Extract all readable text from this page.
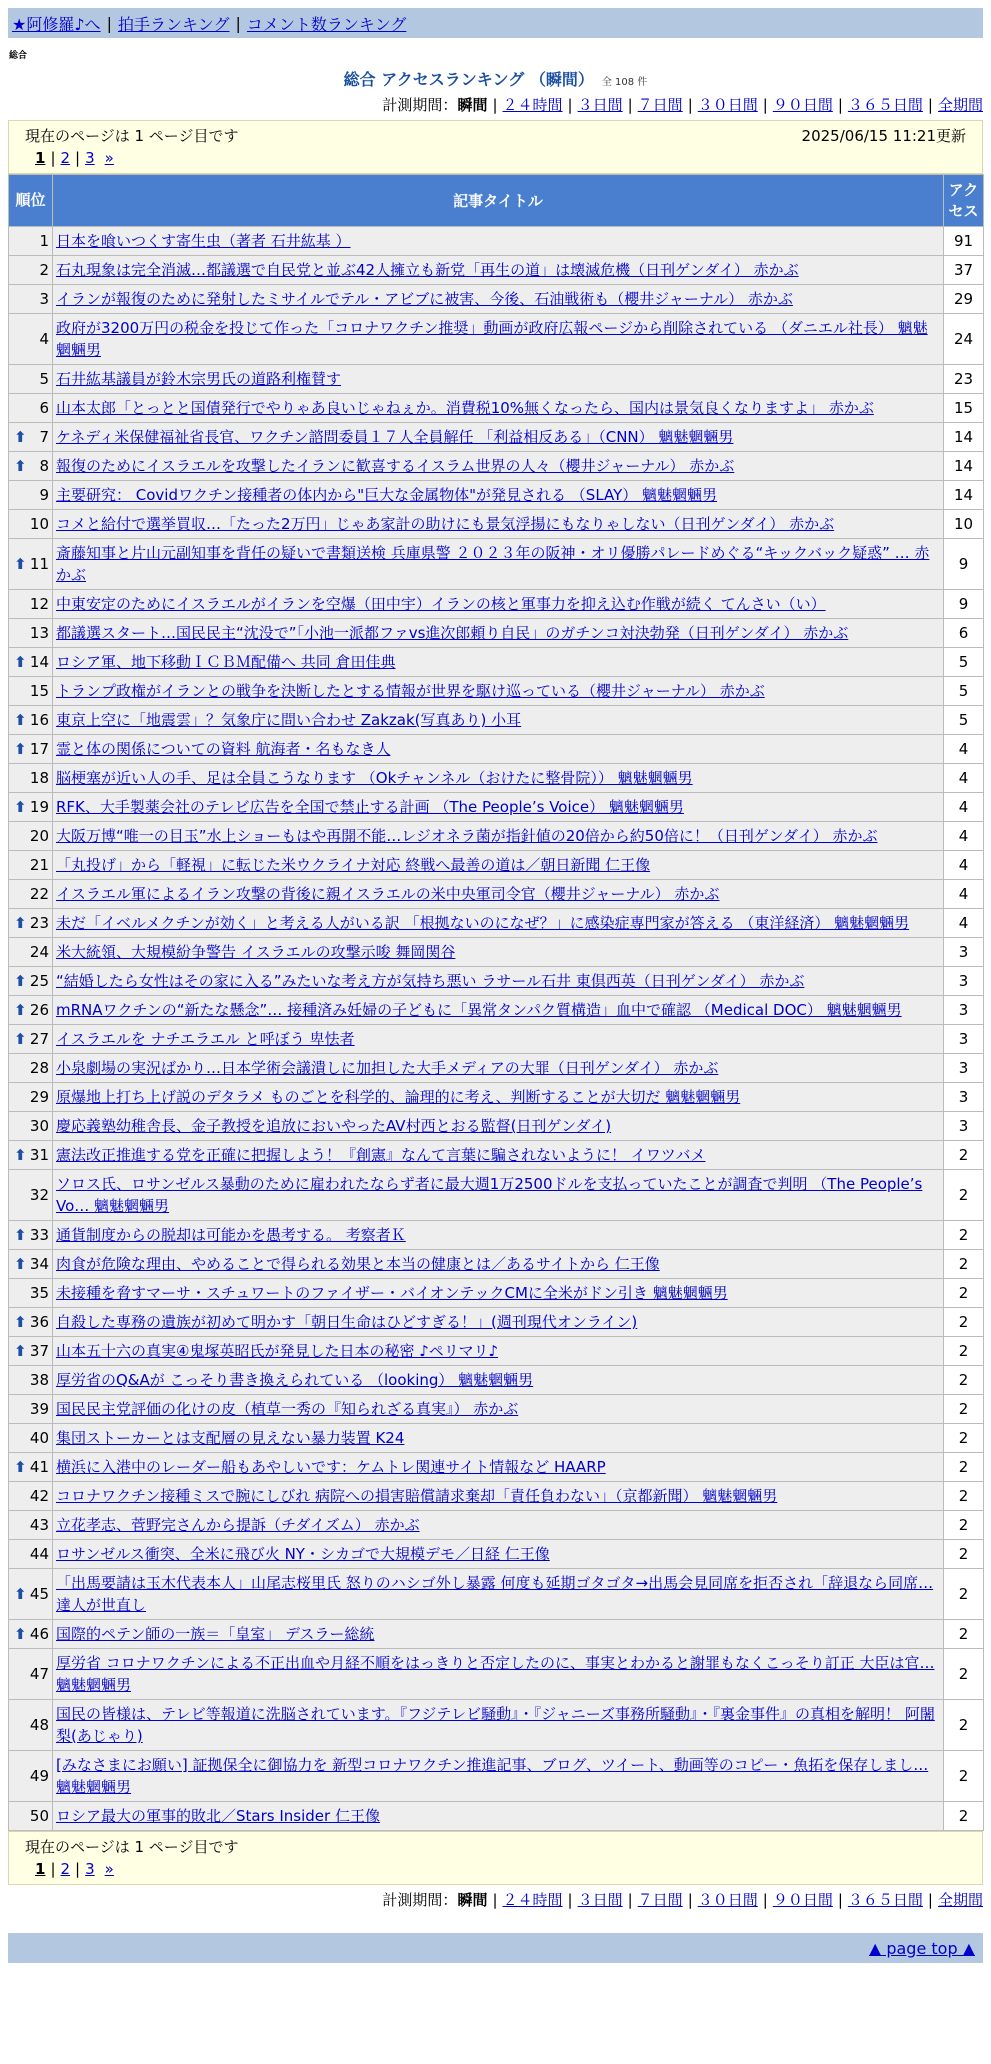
★阿修羅♪へ | 拍手ランキング | コメント数ランキング
総合
総合 アクセスランキング （瞬間） 全 108 件
計測期間：瞬間 | ２４時間 | ３日間 | ７日間 | ３０日間 | ９０日間 | ３６５日間 | 全期間
現在のページは 1 ページ目です	2025/06/15 11:21更新
1 | 2 | 3 »
順位	記事タイトル	アク
セス

1	日本を喰いつくす寄生虫（著者 石井紘基 ）	91
2	石丸現象は完全消滅…都議選で自民党と並ぶ42人擁立も新党「再生の道」は壊滅危機（日刊ゲンダイ） 赤かぶ	37
3	イランが報復のために発射したミサイルでテル・アビブに被害、今後、石油戦術も（櫻井ジャーナル） 赤かぶ	29
4	政府が3200万円の税金を投じて作った「コロナワクチン推奨」動画が政府広報ページから削除されている （ダニエル社長） 魑魅魍魎男	24
5	石井紘基議員が鈴木宗男氏の道路利権賛す	23
6	山本太郎「とっとと国債発行でやりゃあ良いじゃねぇか。消費税10%無くなったら、国内は景気良くなりますよ」 赤かぶ	15

⬆ 7	ケネディ米保健福祉省長官、ワクチン諮問委員１７人全員解任 「利益相反ある」（CNN） 魑魅魍魎男	14

⬆ 8	報復のためにイスラエルを攻撃したイランに歓喜するイスラム世界の人々（櫻井ジャーナル） 赤かぶ	14
9	主要研究： Covidワクチン接種者の体内から"巨大な金属物体"が発見される （SLAY） 魑魅魍魎男	14
10	コメと給付で選挙買収…「たった2万円」じゃあ家計の助けにも景気浮揚にもなりゃしない（日刊ゲンダイ） 赤かぶ	10

⬆ 11	斎藤知事と片山元副知事を背任の疑いで書類送検 兵庫県警 ２０２３年の阪神・オリ優勝パレードめぐる“キックバック疑惑” … 赤かぶ	9
12	中東安定のためにイスラエルがイランを空爆（田中宇）イランの核と軍事力を抑え込む作戦が続く てんさい（い）	9
13	都議選スタート…国民民主“沈没で”「小池一派都ファvs進次郎頼り自民」のガチンコ対決勃発（日刊ゲンダイ） 赤かぶ	6

⬆ 14	ロシア軍、地下移動ＩＣＢＭ配備へ 共同 倉田佳典	5
15	トランプ政権がイランとの戦争を決断したとする情報が世界を駆け巡っている（櫻井ジャーナル） 赤かぶ	5

⬆ 16	東京上空に「地震雲」？気象庁に問い合わせ Zakzak(写真あり) 小耳	5

⬆ 17	霊と体の関係についての資料 航海者・名もなき人	4
18	脳梗塞が近い人の手、足は全員こうなります （Okチャンネル（おけたに整骨院）） 魑魅魍魎男	4

⬆ 19	RFK、大手製薬会社のテレビ広告を全国で禁止する計画 （The People’s Voice） 魑魅魍魎男	4
20	大阪万博“唯一の目玉”水上ショーもはや再開不能…レジオネラ菌が指針値の20倍から約50倍に！（日刊ゲンダイ） 赤かぶ	4
21	「丸投げ」から「軽視」に転じた米ウクライナ対応 終戦へ最善の道は／朝日新聞 仁王像	4
22	イスラエル軍によるイラン攻撃の背後に親イスラエルの米中央軍司令官（櫻井ジャーナル） 赤かぶ	4

⬆ 23	未だ「イベルメクチンが効く」と考える人がいる訳 「根拠ないのになぜ？」に感染症専門家が答える （東洋経済） 魑魅魍魎男	4
24	米大統領、大規模紛争警告 イスラエルの攻撃示唆 舞岡関谷	3

⬆ 25	“結婚したら女性はその家に入る”みたいな考え方が気持ち悪い ラサール石井 東倶西英（日刊ゲンダイ） 赤かぶ	3

⬆ 26	mRNAワクチンの“新たな懸念”… 接種済み妊婦の子どもに「異常タンパク質構造」血中で確認 （Medical DOC） 魑魅魍魎男	3

⬆ 27	イスラエルを ナチエラエル と呼ぼう 卑怯者	3
28	小泉劇場の実況ばかり…日本学術会議潰しに加担した大手メディアの大罪（日刊ゲンダイ） 赤かぶ	3
29	原爆地上打ち上げ説のデタラメ ものごとを科学的、論理的に考え、判断することが大切だ 魑魅魍魎男	3
30	慶応義塾幼稚舎長、金子教授を追放においやったAV村西とおる監督(日刊ゲンダイ)	3

⬆ 31	憲法改正推進する党を正確に把握しよう！『創憲』なんて言葉に騙されないように！ イワツバメ	2
32	ソロス氏、ロサンゼルス暴動のために雇われたならず者に最大週1万2500ドルを支払っていたことが調査で判明 （The People’s Vo… 魑魅魍魎男	2

⬆ 33	通貨制度からの脱却は可能かを愚考する。 考察者Ｋ	2

⬆ 34	肉食が危険な理由、やめることで得られる効果と本当の健康とは／あるサイトから 仁王像	2
35	未接種を脅すマーサ・スチュワートのファイザー・バイオンテックCMに全米がドン引き 魑魅魍魎男	2

⬆ 36	自殺した専務の遺族が初めて明かす「朝日生命はひどすぎる！」(週刊現代オンライン)	2

⬆ 37	山本五十六の真実④鬼塚英昭氏が発見した日本の秘密 ♪ペリマリ♪	2
38	厚労省のQ&Aが こっそり書き換えられている （looking） 魑魅魍魎男	2
39	国民民主党評価の化けの皮（植草一秀の『知られざる真実』） 赤かぶ	2
40	集団ストーカーとは支配層の見えない暴力装置 K24	2

⬆ 41	横浜に入港中のレーダー船もあやしいです：ケムトレ関連サイト情報など HAARP	2
42	コロナワクチン接種ミスで腕にしびれ 病院への損害賠償請求棄却「責任負わない」（京都新聞） 魑魅魍魎男	2
43	立花孝志、菅野完さんから提訴（チダイズム） 赤かぶ	2
44	ロサンゼルス衝突、全米に飛び火 NY・シカゴで大規模デモ／日経 仁王像	2

⬆ 45	「出馬要請は玉木代表本人」山尾志桜里氏 怒りのハシゴ外し暴露 何度も延期ゴタゴタ→出馬会見同席を拒否され「辞退なら同席… 達人が世直し	2

⬆ 46	国際的ペテン師の一族＝「皇室」 デスラー総統	2
47	厚労省 コロナワクチンによる不正出血や月経不順をはっきりと否定したのに、事実とわかると謝罪もなくこっそり訂正 大臣は官… 魑魅魍魎男	2
48	国民の皆様は、テレビ等報道に洗脳されています。『フジテレビ騒動』・『ジャニーズ事務所騒動』・『裏金事件』の真相を解明！ 阿闍梨(あじゃり)	2
49	[みなさまにお願い] 証拠保全に御協力を 新型コロナワクチン推進記事、ブログ、ツイート、動画等のコピー・魚拓を保存しまし… 魑魅魍魎男	2
50	ロシア最大の軍事的敗北／Stars Insider 仁王像	2
現在のページは 1 ページ目です
1 | 2 | 3 »
計測期間：瞬間 | ２４時間 | ３日間 | ７日間 | ３０日間 | ９０日間 | ３６５日間 | 全期間
▲ page top ▲
